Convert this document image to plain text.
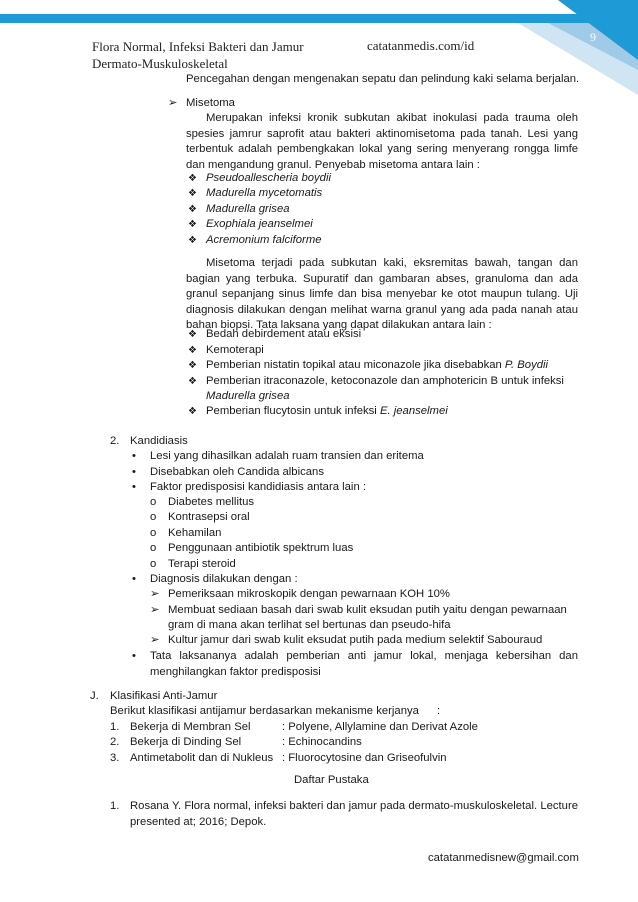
9
Flora Normal, Infeksi Bakteri dan Jamur Dermato-Muskuloskeletal
catatanmedis.com/id
Pencegahan dengan mengenakan sepatu dan pelindung kaki selama berjalan.
➢ Misetoma
Merupakan infeksi kronik subkutan akibat inokulasi pada trauma oleh spesies jamrur saprofit atau bakteri aktinomisetoma pada tanah. Lesi yang terbentuk adalah pembengkakan lokal yang sering menyerang rongga limfe dan mengandung granul. Penyebab misetoma antara lain :
❖ Pseudoallescheria boydii
❖ Madurella mycetomatis
❖ Madurella grisea
❖ Exophiala jeanselmei
❖ Acremonium falciforme
Misetoma terjadi pada subkutan kaki, eksremitas bawah, tangan dan bagian yang terbuka. Supuratif dan gambaran abses, granuloma dan ada granul sepanjang sinus limfe dan bisa menyebar ke otot maupun tulang. Uji diagnosis dilakukan dengan melihat warna granul yang ada pada nanah atau bahan biopsi. Tata laksana yang dapat dilakukan antara lain :
❖ Bedah debirdement atau eksisi
❖ Kemoterapi
❖ Pemberian nistatin topikal atau miconazole jika disebabkan P. Boydii
❖ Pemberian itraconazole, ketoconazole dan amphotericin B untuk infeksi
Madurella grisea
❖ Pemberian flucytosin untuk infeksi E. jeanselmei
2. Kandidiasis
• Lesi yang dihasilkan adalah ruam transien dan eritema
• Disebabkan oleh Candida albicans
• Faktor predisposisi kandidiasis antara lain :
o Diabetes mellitus
o Kontrasepsi oral
o Kehamilan
o Penggunaan antibiotik spektrum luas
o Terapi steroid
• Diagnosis dilakukan dengan :
➢ Pemeriksaan mikroskopik dengan pewarnaan KOH 10%
➢ Membuat sediaan basah dari swab kulit eksudan putih yaitu dengan pewarnaan
gram di mana akan terlihat sel bertunas dan pseudo-hifa
➢ Kultur jamur dari swab kulit eksudat putih pada medium selektif Sabouraud
• Tata laksananya adalah pemberian anti jamur lokal, menjaga kebersihan dan menghilangkan faktor predisposisi
J. Klasifikasi Anti-Jamur
Berikut klasifikasi antijamur berdasarkan mekanisme kerjanya :
1. Bekerja di Membran Sel	: Polyene, Allylamine dan Derivat Azole
2. Bekerja di Dinding Sel	: Echinocandins
3. Antimetabolit dan di Nukleus : Fluorocytosine dan Griseofulvin
Daftar Pustaka
1. Rosana Y. Flora normal, infeksi bakteri dan jamur pada dermato-muskuloskeletal. Lecture presented at; 2016; Depok.
catatanmedisnew@gmail.com
